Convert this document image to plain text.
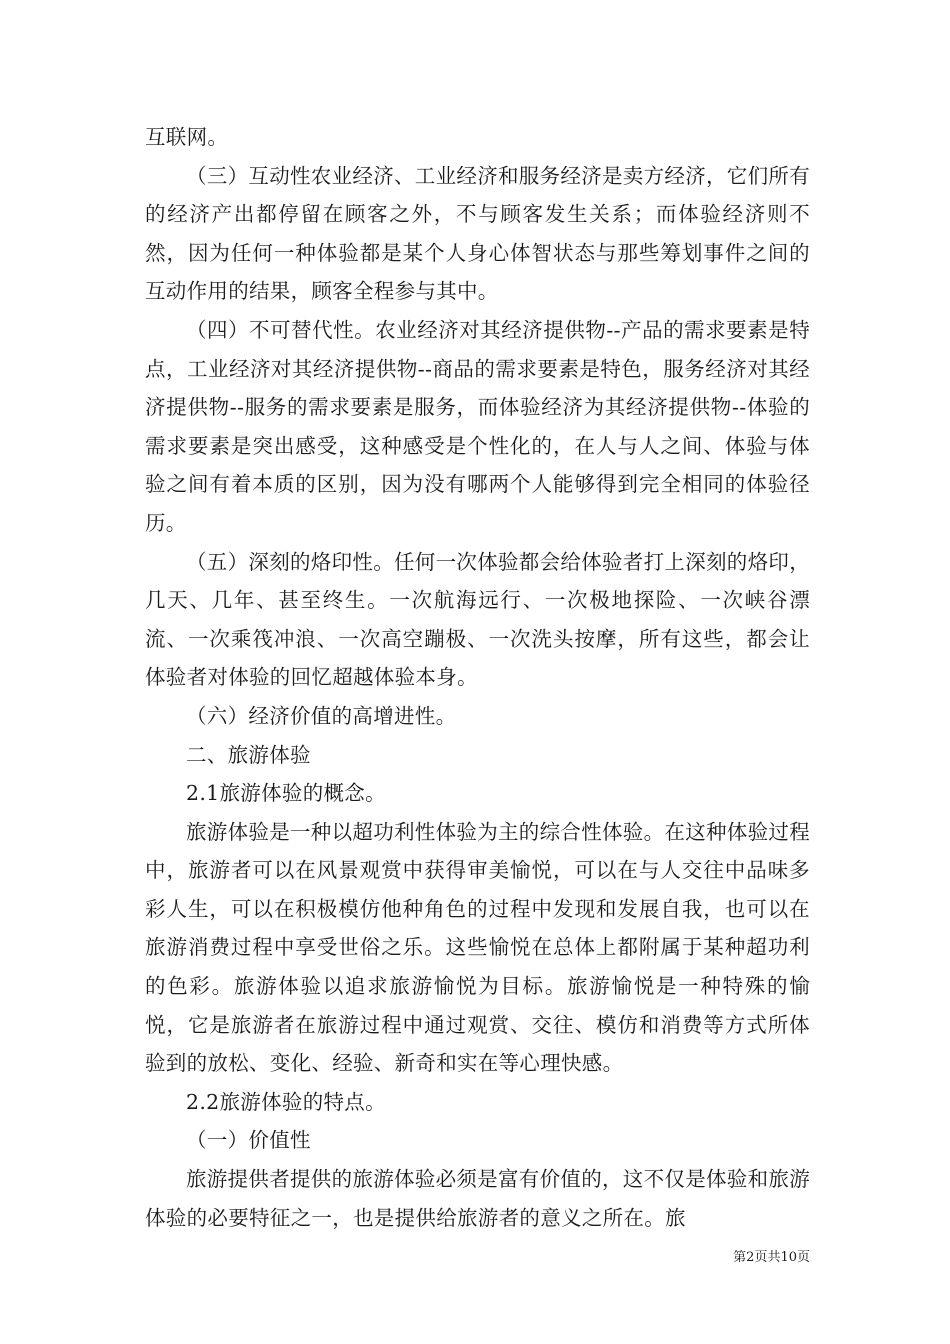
互联网。

（三）互动性农业经济、工业经济和服务经济是卖方经济，它们所有的经济产出都停留在顾客之外，不与顾客发生关系；而体验经济则不然，因为任何一种体验都是某个人身心体智状态与那些筹划事件之间的互动作用的结果，顾客全程参与其中。

（四）不可替代性。农业经济对其经济提供物--产品的需求要素是特点，工业经济对其经济提供物--商品的需求要素是特色，服务经济对其经济提供物--服务的需求要素是服务，而体验经济为其经济提供物--体验的需求要素是突出感受，这种感受是个性化的，在人与人之间、体验与体验之间有着本质的区别，因为没有哪两个人能够得到完全相同的体验径历。

（五）深刻的烙印性。任何一次体验都会给体验者打上深刻的烙印，几天、几年、甚至终生。一次航海远行、一次极地探险、一次峡谷漂流、一次乘筏冲浪、一次高空蹦极、一次洗头按摩，所有这些，都会让体验者对体验的回忆超越体验本身。

（六）经济价值的高增进性。

二、旅游体验

2.1旅游体验的概念。

旅游体验是一种以超功利性体验为主的综合性体验。在这种体验过程中，旅游者可以在风景观赏中获得审美愉悦，可以在与人交往中品味多彩人生，可以在积极模仿他种角色的过程中发现和发展自我，也可以在旅游消费过程中享受世俗之乐。这些愉悦在总体上都附属于某种超功利的色彩。旅游体验以追求旅游愉悦为目标。旅游愉悦是一种特殊的愉悦，它是旅游者在旅游过程中通过观赏、交往、模仿和消费等方式所体验到的放松、变化、经验、新奇和实在等心理快感。

2.2旅游体验的特点。

（一）价值性

旅游提供者提供的旅游体验必须是富有价值的，这不仅是体验和旅游体验的必要特征之一，也是提供给旅游者的意义之所在。旅

第2页共10页
